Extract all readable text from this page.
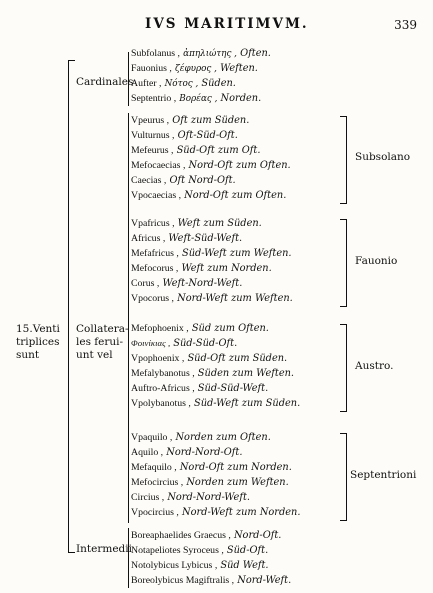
IVS MARITIMVM.	339
15.Venti
triplices
sunt
Cardinales
Collatera-
les ferui-
unt vel
Intermedii
Subfolanus , ἀπηλιώτης , Often.
Fauonius , ζέφυρος , Weften.
Aufter , Νότος , Süden.
Septentrio , Βορέας , Norden.
Vpeurus , Oft zum Süden.
Vulturnus , Oft-Süd-Oft.
Mefeurus , Süd-Oft zum Oft.
Mefocaecias , Nord-Oft zum Often.
Caecias , Oft Nord-Oft.
Vpocaecias , Nord-Oft zum Often.
Subsolano
Vpafricus , Weft zum Süden.
Africus , Weft-Süd-Weft.
Mefafricus , Süd-Weft zum Weften.
Mefocorus , Weft zum Norden.
Corus , Weft-Nord-Weft.
Vpocorus , Nord-Weft zum Weften.
Fauonio
Mefophoenix , Süd zum Often.
Φοινίκιας , Süd-Süd-Oft.
Vpophoenix , Süd-Oft zum Süden.
Mefalybanotus , Süden zum Weften.
Auftro-Africus , Süd-Süd-Weft.
Vpolybanotus , Süd-Weft zum Süden.
Austro.
Vpaquilo , Norden zum Often.
Aquilo , Nord-Nord-Oft.
Mefaquilo , Nord-Oft zum Norden.
Mefocircius , Norden zum Weften.
Circius , Nord-Nord-Weft.
Vpocircius , Nord-Weft zum Norden.
Septentrioni
Boreaphaelides Graecus , Nord-Oft.
Notapeliotes Syroceus , Süd-Oft.
Notolybicus Lybicus , Süd Weft.
Boreolybicus Magiftralis , Nord-Weft.
